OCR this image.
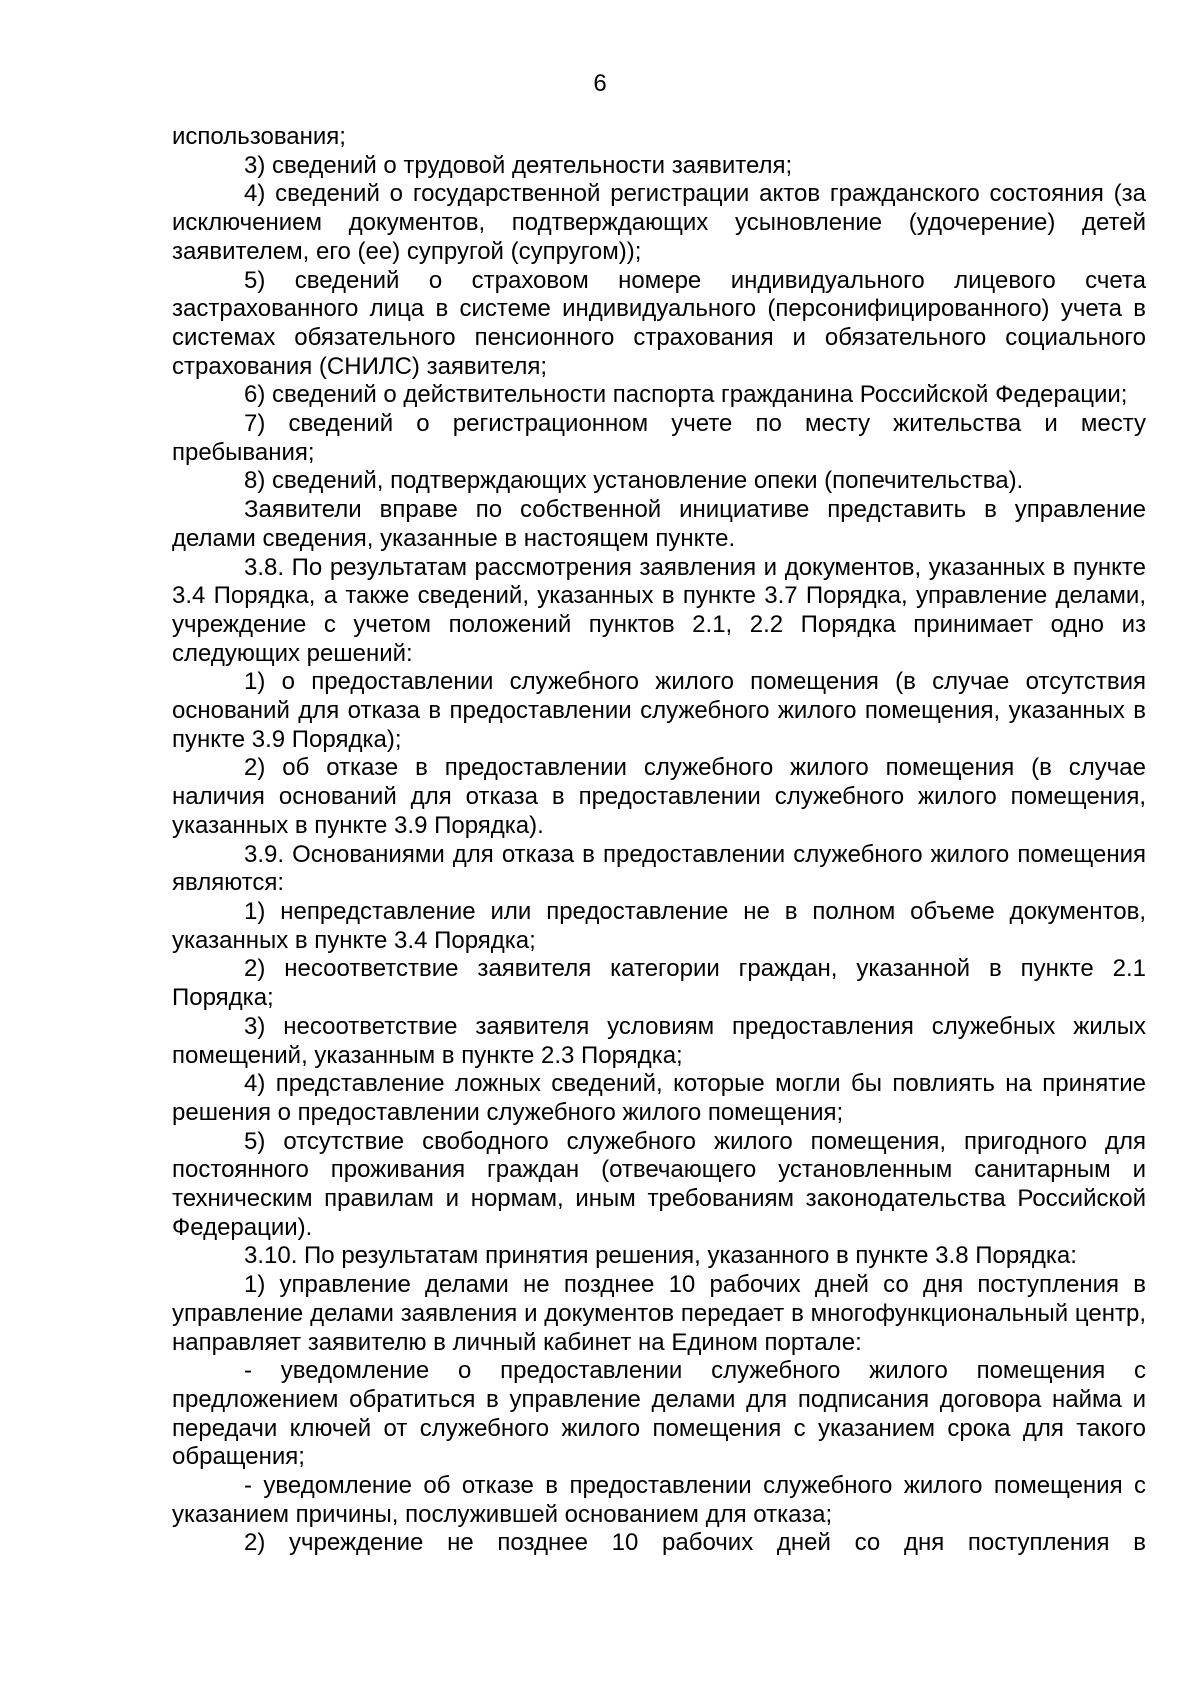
6

использования;

3) сведений о трудовой деятельности заявителя;

4) сведений о государственной регистрации актов гражданского состояния (за исключением документов, подтверждающих усыновление (удочерение) детей заявителем, его (ее) супругой (супругом));

5) сведений о страховом номере индивидуального лицевого счета застрахованного лица в системе индивидуального (персонифицированного) учета в системах обязательного пенсионного страхования и обязательного социального страхования (СНИЛС) заявителя;

6) сведений о действительности паспорта гражданина Российской Федерации;

7) сведений о регистрационном учете по месту жительства и месту пребывания;

8) сведений, подтверждающих установление опеки (попечительства).

Заявители вправе по собственной инициативе представить в управление делами сведения, указанные в настоящем пункте.

3.8. По результатам рассмотрения заявления и документов, указанных в пункте 3.4 Порядка, а также сведений, указанных в пункте 3.7 Порядка, управление делами, учреждение с учетом положений пунктов 2.1, 2.2 Порядка принимает одно из следующих решений:

1) о предоставлении служебного жилого помещения (в случае отсутствия оснований для отказа в предоставлении служебного жилого помещения, указанных в пункте 3.9 Порядка);

2) об отказе в предоставлении служебного жилого помещения (в случае наличия оснований для отказа в предоставлении служебного жилого помещения, указанных в пункте 3.9 Порядка).

3.9. Основаниями для отказа в предоставлении служебного жилого помещения являются:

1) непредставление или предоставление не в полном объеме документов, указанных в пункте 3.4 Порядка;

2) несоответствие заявителя категории граждан, указанной в пункте 2.1 Порядка;

3) несоответствие заявителя условиям предоставления служебных жилых помещений, указанным в пункте 2.3 Порядка;

4) представление ложных сведений, которые могли бы повлиять на принятие решения о предоставлении служебного жилого помещения;

5) отсутствие свободного служебного жилого помещения, пригодного для постоянного проживания граждан (отвечающего установленным санитарным и техническим правилам и нормам, иным требованиям законодательства Российской Федерации).

3.10. По результатам принятия решения, указанного в пункте 3.8 Порядка:

1) управление делами не позднее 10 рабочих дней со дня поступления в управление делами заявления и документов передает в многофункциональный центр, направляет заявителю в личный кабинет на Едином портале:

- уведомление о предоставлении служебного жилого помещения с предложением обратиться в управление делами для подписания договора найма и передачи ключей от служебного жилого помещения с указанием срока для такого обращения;

- уведомление об отказе в предоставлении служебного жилого помещения с указанием причины, послужившей основанием для отказа;

2) учреждение не позднее 10 рабочих дней со дня поступления в
